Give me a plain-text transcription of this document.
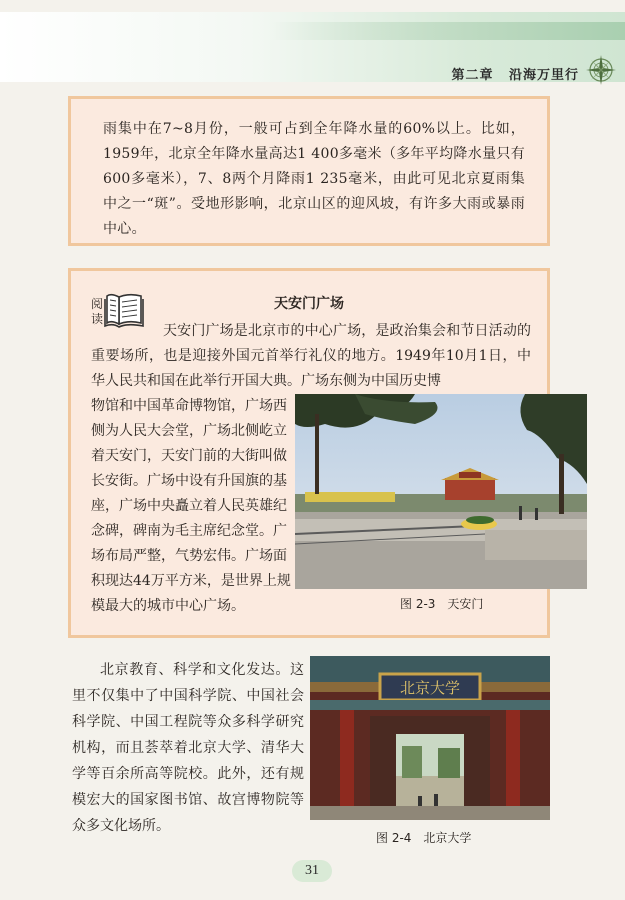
第二章 沿海万里行

雨集中在7~8月份，一般可占到全年降水量的60%以上。比如，1959年，北京全年降水量高达1 400多毫米（多年平均降水量只有600多毫米），7、8两个月降雨1 235毫米，由此可见北京夏雨集中之一“斑”。受地形影响，北京山区的迎风坡，有许多大雨或暴雨中心。

阅读
天安门广场
天安门广场是北京市的中心广场，是政治集会和节日活动的重要场所，也是迎接外国元首举行礼仪的地方。1949年10月1日，中华人民共和国在此举行开国大典。广场东侧为中国历史博
物馆和中国革命博物馆，广场西侧为人民大会堂，广场北侧屹立着天安门，天安门前的大街叫做长安街。广场中设有升国旗的基座，广场中央矗立着人民英雄纪念碑，碑南为毛主席纪念堂。广场布局严整，气势宏伟。广场面积现达44万平方米，是世界上规模最大的城市中心广场。	图 2-3　天安门
北京教育、科学和文化发达。这里不仅集中了中国科学院、中国社会科学院、中国工程院等众多科学研究机构，而且荟萃着北京大学、清华大学等百余所高等院校。此外，还有规模宏大的国家图书馆、故宫博物院等众多文化场所。
北京大学
图 2-4　北京大学
31
